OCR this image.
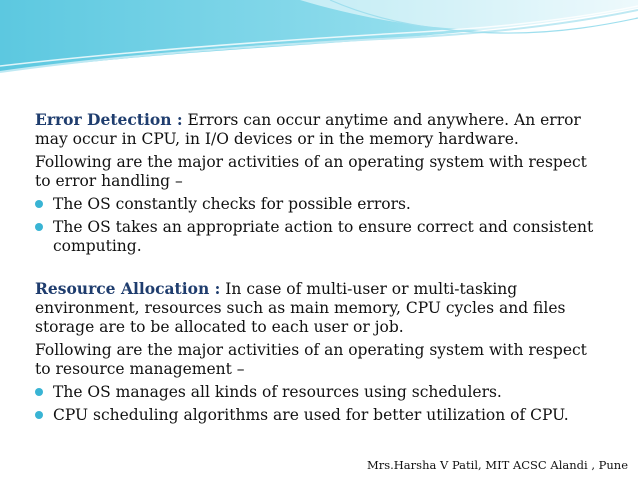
Error Detection : Errors can occur anytime and anywhere. An error may occur in CPU, in I/O devices or in the memory hardware.

Following are the major activities of an operating system with respect to error handling –

The OS constantly checks for possible errors.
The OS takes an appropriate action to ensure correct and consistent computing.

Resource Allocation : In case of multi-user or multi-tasking environment, resources such as main memory, CPU cycles and files storage are to be allocated to each user or job.

Following are the major activities of an operating system with respect to resource management –

The OS manages all kinds of resources using schedulers.
CPU scheduling algorithms are used for better utilization of CPU.
Mrs.Harsha V Patil, MIT ACSC Alandi , Pune
